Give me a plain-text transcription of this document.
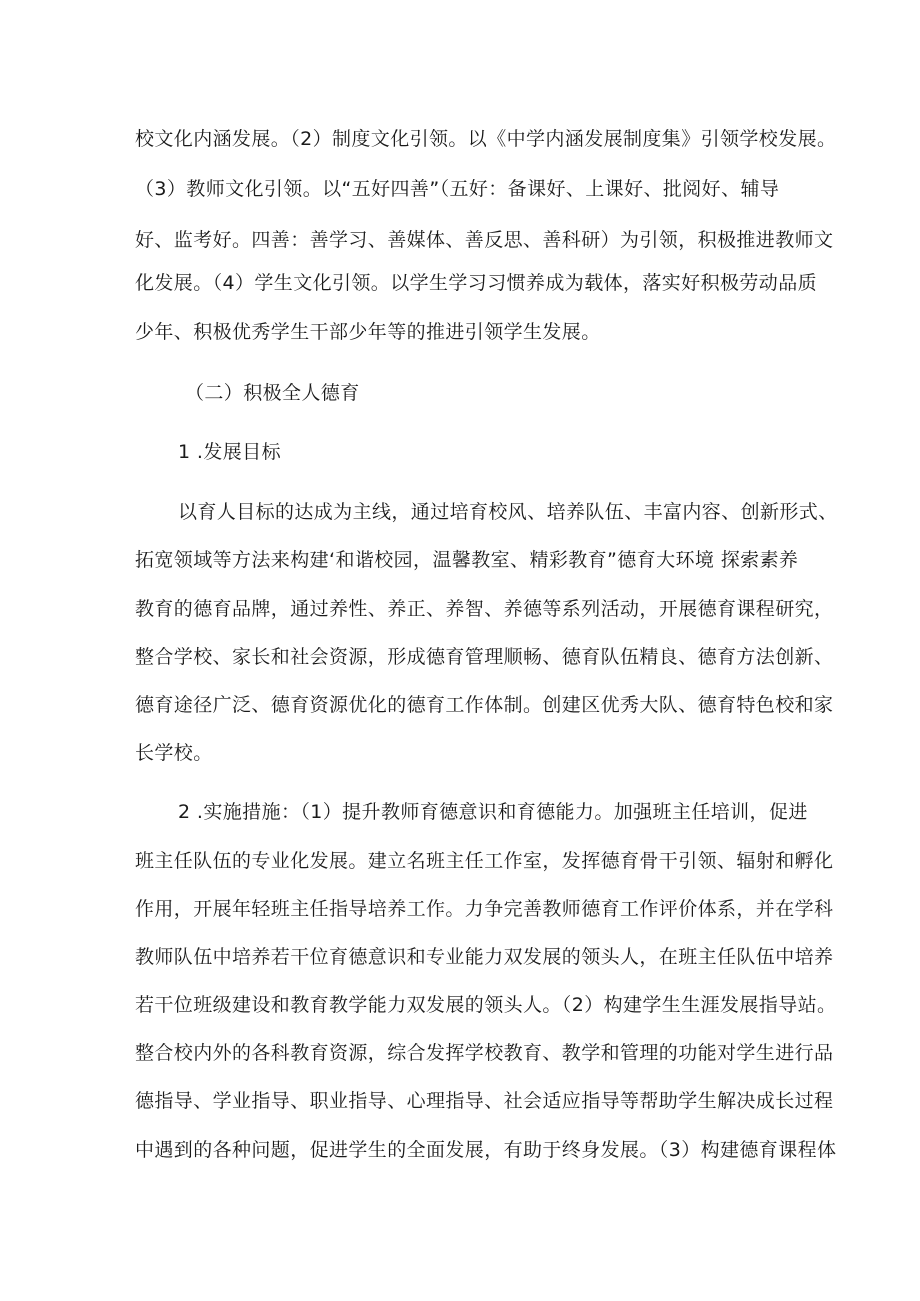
校文化内涵发展。（2）制度文化引领。以《中学内涵发展制度集》引领学校发展。
（3）教师文化引领。以“五好四善”（五好：备课好、上课好、批阅好、辅导
好、监考好。四善：善学习、善媒体、善反思、善科研）为引领，积极推进教师文
化发展。（4）学生文化引领。以学生学习习惯养成为载体，落实好积极劳动品质
少年、积极优秀学生干部少年等的推进引领学生发展。
（二）积极全人德育
1 .发展目标
以育人目标的达成为主线，通过培育校风、培养队伍、丰富内容、创新形式、
拓宽领域等方法来构建‘和谐校园，温馨教室、精彩教育”德育大环境 探索素养
教育的德育品牌，通过养性、养正、养智、养德等系列活动，开展德育课程研究，
整合学校、家长和社会资源，形成德育管理顺畅、德育队伍精良、德育方法创新、
德育途径广泛、德育资源优化的德育工作体制。创建区优秀大队、德育特色校和家
长学校。
2 .实施措施：（1）提升教师育德意识和育德能力。加强班主任培训，促进
班主任队伍的专业化发展。建立名班主任工作室，发挥德育骨干引领、辐射和孵化
作用，开展年轻班主任指导培养工作。力争完善教师德育工作评价体系，并在学科
教师队伍中培养若干位育德意识和专业能力双发展的领头人，在班主任队伍中培养
若干位班级建设和教育教学能力双发展的领头人。（2）构建学生生涯发展指导站。
整合校内外的各科教育资源，综合发挥学校教育、教学和管理的功能对学生进行品
德指导、学业指导、职业指导、心理指导、社会适应指导等帮助学生解决成长过程
中遇到的各种问题，促进学生的全面发展，有助于终身发展。（3）构建德育课程体
